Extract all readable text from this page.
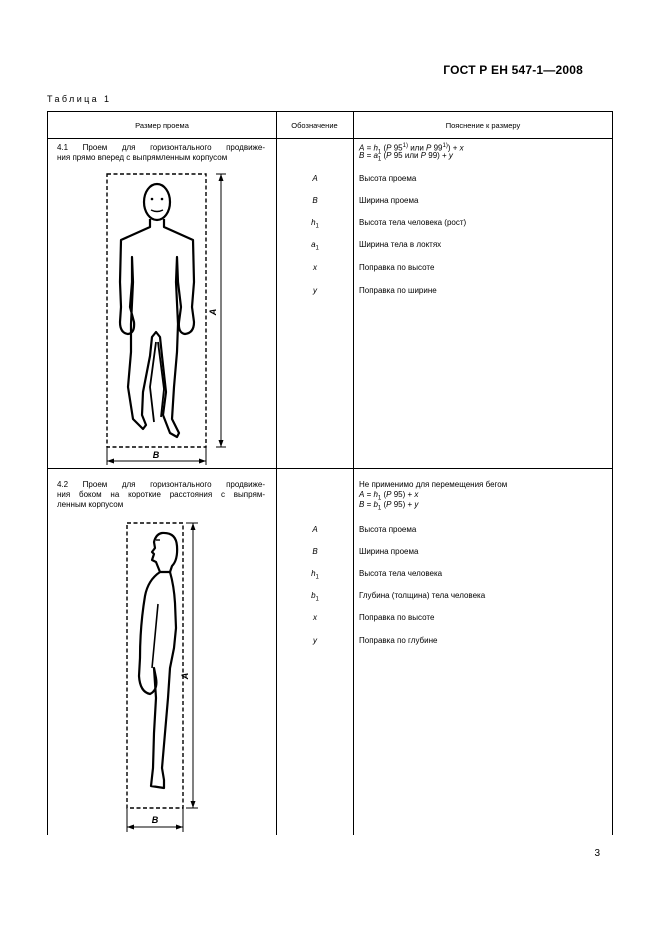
ГОСТ Р ЕН 547-1—2008
Таблица 1
Размер проема	Обозначение	Пояснение к размеру
4.1 Проем для горизонтального продвиже-

ния прямо вперед с выпрямленным корпусом
$A = h_1$ (P 95$^{1)}$ или P $99^{1)}) + x$
$B = a_1$ (P 95 или P 99) + y
A
B
$h_1$
$a_1$
x
y
Высота проема
Ширина проема
Высота тела человека (рост)
Ширина тела в локтях
Поправка по высоте
Поправка по ширине
A
B
4.2 Проем для горизонтального продвиже-
ния боком на короткие расстояния с выпрям-

ленным корпусом
Не применимо для перемещения бегом
$A = h_1$ (P 95) + x
$B = b_1$ (P 95) + y
A
B
$h_1$
$b_1$
x
y
Высота проема
Ширина проема
Высота тела человека
Глубина (толщина) тела человека
Поправка по высоте
Поправка по глубине
A
B
3
